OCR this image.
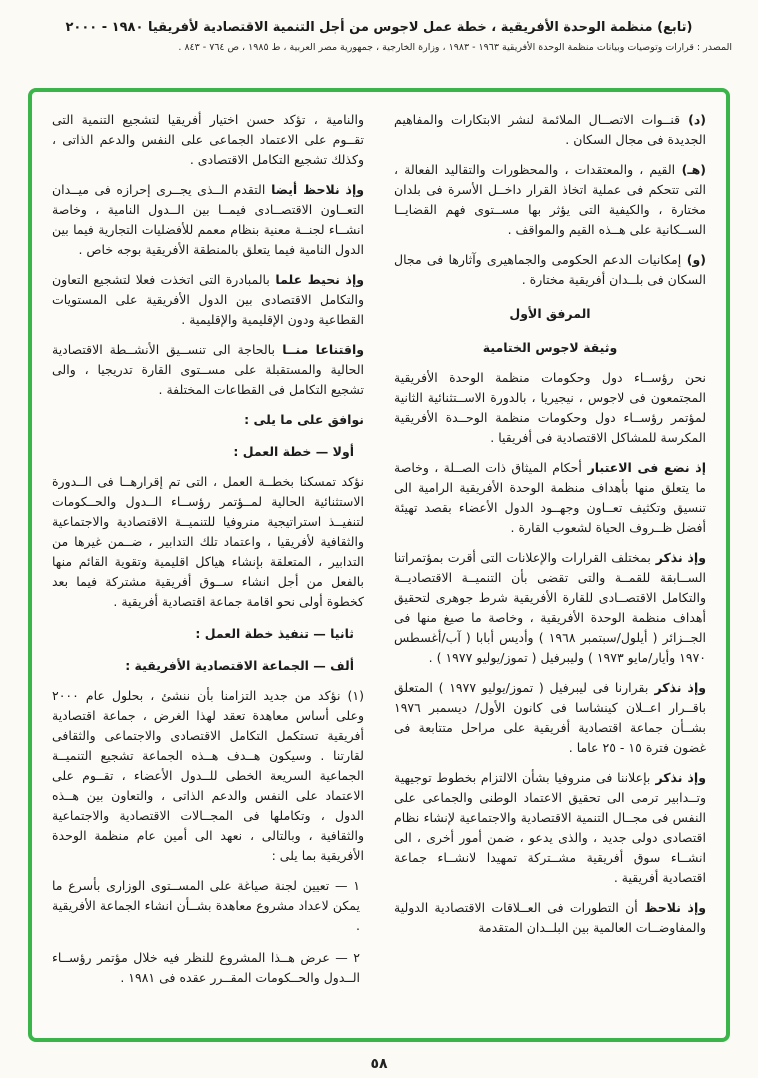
(تابع) منظمة الوحدة الأفريقية ، خطة عمل لاجوس من أجل التنمية الاقتصادية لأفريقيا ١٩٨٠ - ٢٠٠٠
المصدر : قرارات وتوصيات وبيانات منظمة الوحدة الأفريقية ١٩٦٣ - ١٩٨٣ ، وزارة الخارجية ، جمهورية مصر العربية ، ط ١٩٨٥ ، ص ٧٦٤ - ٨٤٣ .

(د) قنــوات الاتصــال الملائمة لنشر الابتكارات والمفاهيم الجديدة فى مجال السكان .

(هـ) القيم ، والمعتقدات ، والمحظورات والتقاليد الفعالة ، التى تتحكم فى عملية اتخاذ القرار داخــل الأسرة فى بلدان مختارة ، والكيفية التى يؤثر بها مســتوى فهم القضايــا الســكانية على هــذه القيم والمواقف .

(و) إمكانيات الدعم الحكومى والجماهيرى وآثارها فى مجال السكان فى بلــدان أفريقية مختارة .

المرفق الأول

وثيقة لاجوس الختامية

نحن رؤســاء دول وحكومات منظمة الوحدة الأفريقية المجتمعون فى لاجوس ، نيجيريا ، بالدورة الاســتثنائية الثانية لمؤتمر رؤســاء دول وحكومات منظمة الوحــدة الأفريقية المكرسة للمشاكل الاقتصادية فى أفريقيا .

إذ نضع فى الاعتبار أحكام الميثاق ذات الصــلة ، وخاصة ما يتعلق منها بأهداف منظمة الوحدة الأفريقية الرامية الى تنسيق وتكثيف تعــاون وجهــود الدول الأعضاء بقصد تهيئة أفضل ظــروف الحياة لشعوب القارة .

وإذ نذكر بمختلف القرارات والإعلانات التى أقرت بمؤتمراتنا الســابقة للقمــة والتى تقضى بأن التنميــة الاقتصاديــة والتكامل الاقتصــادى للقارة الأفريقية شرط جوهرى لتحقيق أهداف منظمة الوحدة الأفريقية ، وخاصة ما صيغ منها فى الجــزائر ( أيلول/سبتمبر ١٩٦٨ ) وأديس أبابا ( آب/أغسطس ١٩٧٠ وأيار/مايو ١٩٧٣ ) وليبرفيل ( تموز/يوليو ١٩٧٧ ) .

وإذ نذكر بقرارنا فى ليبرفيل ( تموز/يوليو ١٩٧٧ ) المتعلق باقــرار اعــلان كينشاسا فى كانون الأول/ ديسمبر ١٩٧٦ بشــأن جماعة اقتصادية أفريقية على مراحل متتابعة فى غضون فترة ١٥ - ٢٥ عاما .

وإذ نذكر بإعلاننا فى منروفيا بشأن الالتزام بخطوط توجيهية وتــدابير ترمى الى تحقيق الاعتماد الوطنى والجماعى على النفس فى مجــال التنمية الاقتصادية والاجتماعية لإنشاء نظام اقتصادى دولى جديد ، والذى يدعو ، ضمن أمور أخرى ، الى انشــاء سوق أفريقية مشــتركة تمهيدا لانشــاء جماعة اقتصادية أفريقية .

وإذ نلاحظ أن التطورات فى العــلاقات الاقتصادية الدولية والمفاوضــات العالمية بين البلــدان المتقدمة

والنامية ، تؤكد حسن اختيار أفريقيا لتشجيع التنمية التى تقــوم على الاعتماد الجماعى على النفس والدعم الذاتى ، وكذلك تشجيع التكامل الاقتصادى .

وإذ نلاحظ أيضا التقدم الــذى يجــرى إحرازه فى ميــدان التعــاون الاقتصــادى فيمــا بين الــدول النامية ، وخاصة انشــاء لجنــة معنية بنظام معمم للأفضليات التجارية فيما بين الدول النامية فيما يتعلق بالمنطقة الأفريقية بوجه خاص .

وإذ نحيط علما بالمبادرة التى اتخذت فعلا لتشجيع التعاون والتكامل الاقتصادى بين الدول الأفريقية على المستويات القطاعية ودون الإقليمية والإقليمية .

واقتناعا منــا بالحاجة الى تنســيق الأنشــطة الاقتصادية الحالية والمستقبلة على مســتوى القارة تدريجيا ، والى تشجيع التكامل فى القطاعات المختلفة .

نوافق على ما يلى :

أولا — خطة العمل :

نؤكد تمسكنا بخطــة العمل ، التى تم إقرارهــا فى الــدورة الاستثنائية الحالية لمــؤتمر رؤســاء الــدول والحــكومات لتنفيــذ استراتيجية منروفيا للتنميــة الاقتصادية والاجتماعية والثقافية لأفريقيا ، واعتماد تلك التدابير ، ضــمن غيرها من التدابير ، المتعلقة بإنشاء هياكل اقليمية وتقوية القائم منها بالفعل من أجل انشاء ســوق أفريقية مشتركة فيما بعد كخطوة أولى نحو اقامة جماعة اقتصادية أفريقية .

ثانيا — تنفيذ خطة العمل :

ألف — الجماعة الاقتصادية الأفريقية :

(١) نؤكد من جديد التزامنا بأن ننشئ ، بحلول عام ٢٠٠٠ وعلى أساس معاهدة تعقد لهذا الغرض ، جماعة اقتصادية أفريقية تستكمل التكامل الاقتصادى والاجتماعى والثقافى لقارتنا . وسيكون هــدف هــذه الجماعة تشجيع التنميــة الجماعية السريعة الخطى للــدول الأعضاء ، تقــوم على الاعتماد على النفس والدعم الذاتى ، والتعاون بين هــذه الدول ، وتكاملها فى المجــالات الاقتصادية والاجتماعية والثقافية ، وبالتالى ، نعهد الى أمين عام منظمة الوحدة الأفريقية بما يلى :

١ — تعيين لجنة صياغة على المســتوى الوزارى بأسرع ما يمكن لاعداد مشروع معاهدة بشــأن انشاء الجماعة الأفريقية .

٢ — عرض هــذا المشروع للنظر فيه خلال مؤتمر رؤســاء الــدول والحــكومات المقــرر عقده فى ١٩٨١ .

٥٨
